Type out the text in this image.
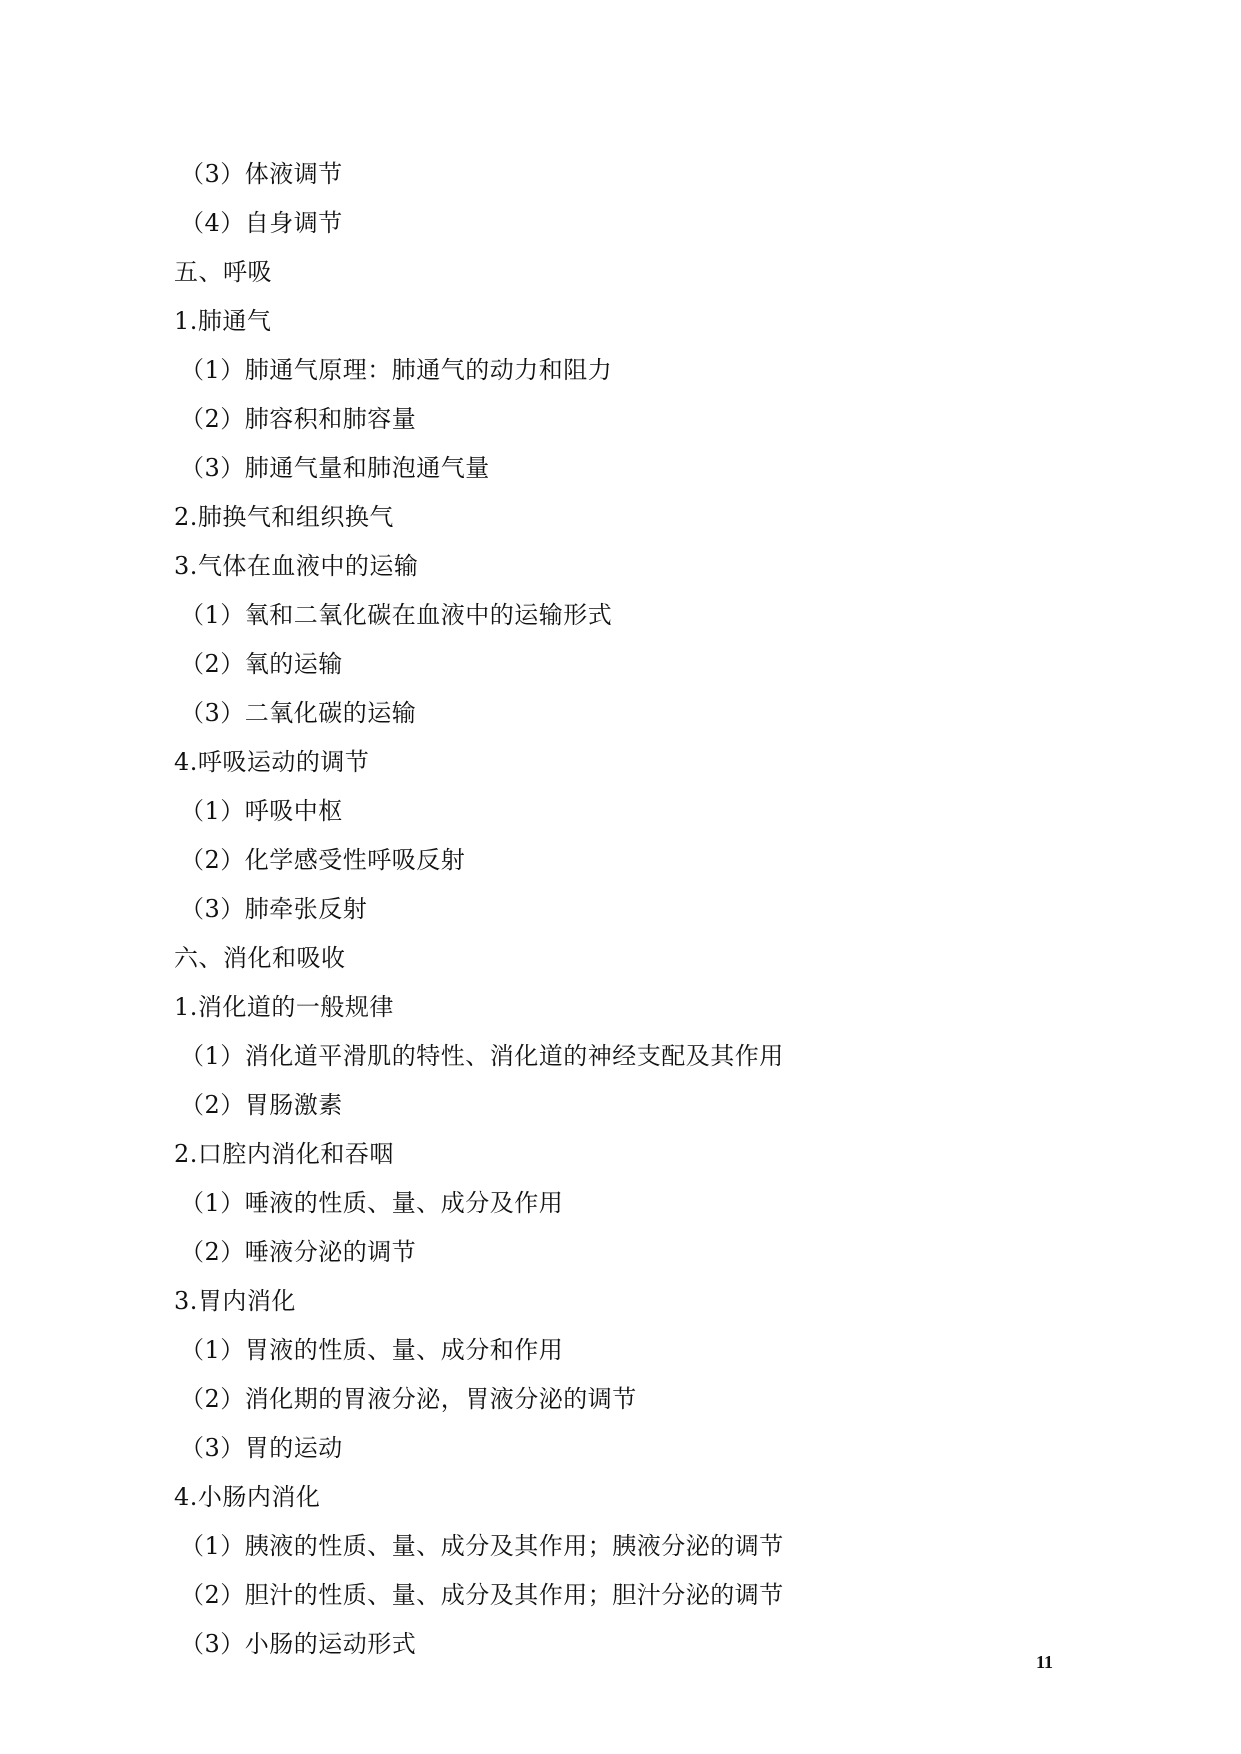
（3）体液调节
（4）自身调节
五、呼吸
1.肺通气
（1）肺通气原理：肺通气的动力和阻力
（2）肺容积和肺容量
（3）肺通气量和肺泡通气量
2.肺换气和组织换气
3.气体在血液中的运输
（1）氧和二氧化碳在血液中的运输形式
（2）氧的运输
（3）二氧化碳的运输
4.呼吸运动的调节
（1）呼吸中枢
（2）化学感受性呼吸反射
（3）肺牵张反射
六、消化和吸收
1.消化道的一般规律
（1）消化道平滑肌的特性、消化道的神经支配及其作用
（2）胃肠激素
2.口腔内消化和吞咽
（1）唾液的性质、量、成分及作用
（2）唾液分泌的调节
3.胃内消化
（1）胃液的性质、量、成分和作用
（2）消化期的胃液分泌，胃液分泌的调节
（3）胃的运动
4.小肠内消化
（1）胰液的性质、量、成分及其作用；胰液分泌的调节
（2）胆汁的性质、量、成分及其作用；胆汁分泌的调节
（3）小肠的运动形式
11
